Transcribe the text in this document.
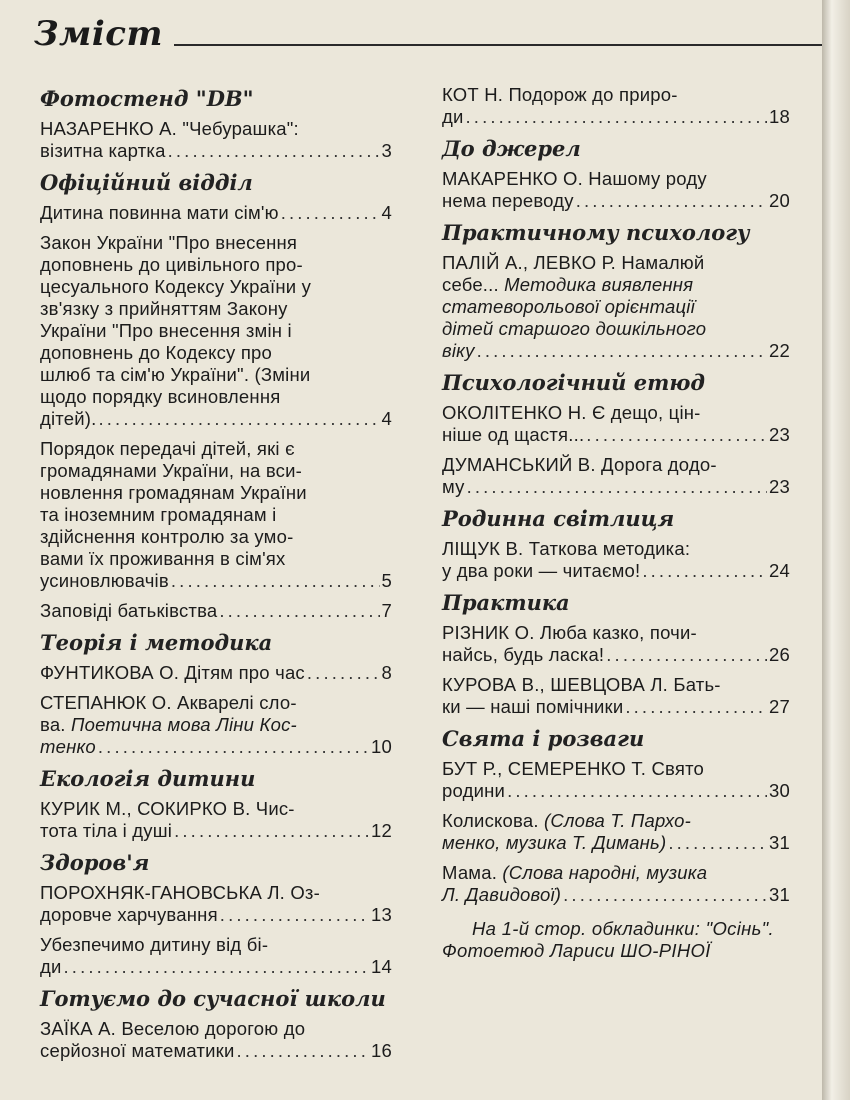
Зміст
Фотостенд "DB"
НАЗАРЕНКО А. "Чебурашка":
візитна картка . . .	3
Офіційний відділ
Дитина повинна мати сім'ю . . .	4
Закон України "Про внесення
доповнень до цивільного про-
цесуального Кодексу України у
зв'язку з прийняттям Закону
України "Про внесення змін і
доповнень до Кодексу про
шлюб та сім'ю України". (Зміни
щодо порядку всиновлення
дітей). . . .	4
Порядок передачі дітей, які є
громадянами України, на вси-
новлення громадянам України
та іноземним громадянам і
здійснення контролю за умо-
вами їх проживання в сім'ях
усиновлювачів . . .	5
Заповіді батьківства . . .	7
Теорія і методика
ФУНТИКОВА О. Дітям про час . . .	8
СТЕПАНЮК О. Акварелі сло-
ва. Поетична мова Ліни Кос-
тенко . . .	10
Екологія дитини
КУРИК М., СОКИРКО В. Чис-
тота тіла і душі . . .	12
Здоров'я
ПОРОХНЯК-ГАНОВСЬКА Л. Оз-
доровче харчування . . .	13
Убезпечимо дитину від бі-
ди . . .	14
Готуємо до сучасної школи
ЗАЇКА А. Веселою дорогою до
серйозної математики . . .	16
КОТ Н. Подорож до приро-
ди . . .	18
До джерел
МАКАРЕНКО О. Нашому роду
нема переводу . . .	20
Практичному психологу
ПАЛІЙ А., ЛЕВКО Р. Намалюй
себе... Методика виявлення
статеворольової орієнтації
дітей старшого дошкільного
віку . . .	22
Психологічний етюд
ОКОЛІТЕНКО Н. Є дещо, цін-
ніше од щастя... . . .	23
ДУМАНСЬКИЙ В. Дорога додо-
му . . .	23
Родинна світлиця
ЛІЩУК В. Таткова методика:
у два роки — читаємо! . . .	24
Практика
РІЗНИК О. Люба казко, почи-
найсь, будь ласка! . . .	26
КУРОВА В., ШЕВЦОВА Л. Бать-
ки — наші помічники . . .	27
Свята і розваги
БУТ Р., СЕМЕРЕНКО Т. Свято
родини . . .	30
Колискова. (Слова Т. Пархо-
менко, музика Т. Димань) . . .	31
Мама. (Слова народні, музика
Л. Давидової) . . .	31
На 1-й стор. обкладинки: "Осінь". Фотоетюд Лариси ШО-РІНОЇ
